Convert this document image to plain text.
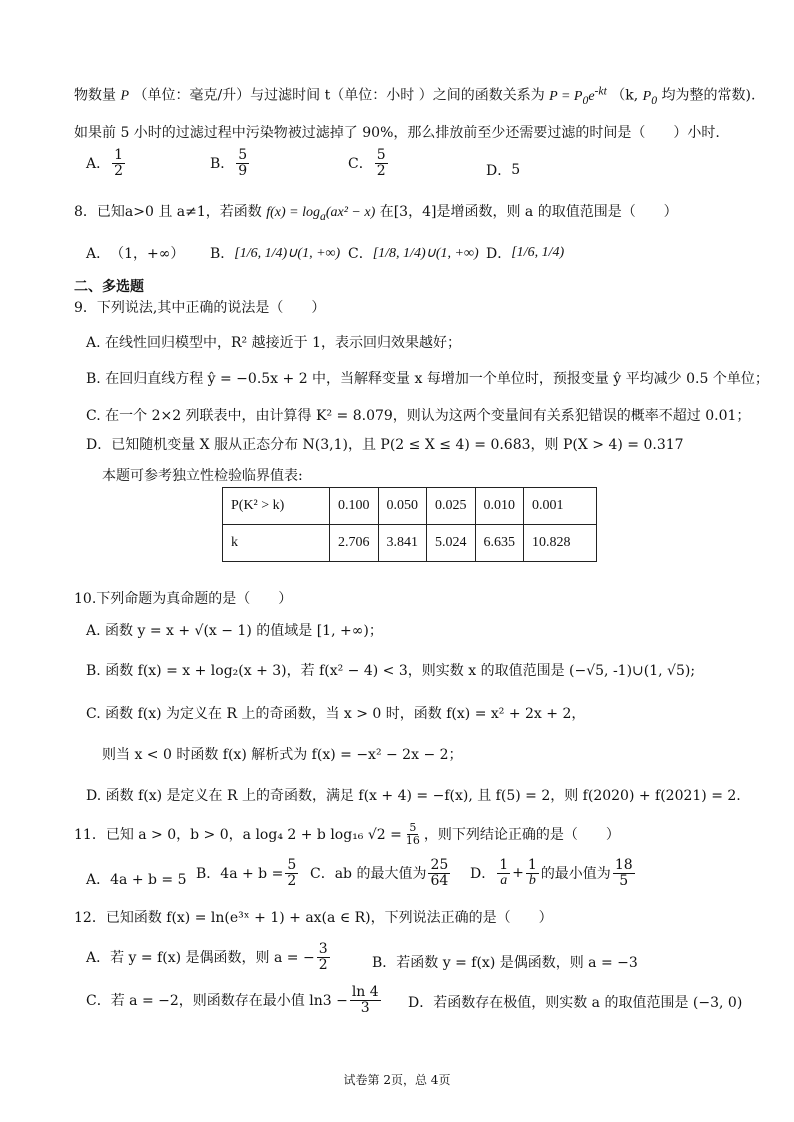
物数量 P （单位：毫克/升）与过滤时间 t（单位：小时 ）之间的函数关系为 $P = P_0e^{-kt}$ （k, $P_0$ 均为整的常数).
如果前 5 小时的过滤过程中污染物被过滤掉了 90%，那么排放前至少还需要过滤的时间是（　　）小时.
A． $\frac{1}{2}$	B． $\frac{5}{9}$	C． $\frac{5}{2}$	D． 5
8．已知a>0 且 a≠1，若函数 $f(x) = \log_a(ax^2 - x)$ 在[3，4]是增函数，则 a 的取值范围是（　　）
A． （1，+∞） B． [1/6, 1/4)∪(1, +∞) C． [1/8, 1/4)∪(1, +∞) D． [1/6, 1/4)
二、多选题
9．下列说法,其中正确的说法是（　　）
A. 在线性回归模型中，R² 越接近于 1，表示回归效果越好；
B. 在回归直线方程 ŷ = −0.5x + 2 中，当解释变量 x 每增加一个单位时，预报变量 ŷ 平均减少 0.5 个单位；
C. 在一个 2×2 列联表中，由计算得 K² = 8.079，则认为这两个变量间有关系犯错误的概率不超过 0.01；
D．已知随机变量 X 服从正态分布 N(3,1)，且 P(2 ≤ X ≤ 4) = 0.683，则 P(X > 4) = 0.317
本题可参考独立性检验临界值表:
P(K² > k)	0.100	0.050	0.025	0.010	0.001
k	2.706	3.841	5.024	6.635	10.828
10.下列命题为真命题的是（　　）
A. 函数 y = x + √(x − 1) 的值域是 [1, +∞)；
B. 函数 f(x) = x + log₂(x + 3)，若 f(x² − 4) < 3，则实数 x 的取值范围是 (−√5, -1)∪(1, √5);
C. 函数 f(x) 为定义在 R 上的奇函数，当 x > 0 时，函数 f(x) = x² + 2x + 2，
则当 x < 0 时函数 f(x) 解析式为 f(x) = −x² − 2x − 2；
D. 函数 f(x) 是定义在 R 上的奇函数，满足 f(x + 4) = −f(x), 且 f(5) = 2，则 f(2020) + f(2021) = 2.
11．已知 a > 0，b > 0，a log₄ 2 + b log₁₆ $√2 = \frac{5}{16}$ ，则下列结论正确的是（　　）
A．4a + b = 5 B．$4a + b = \frac{5}{2}$ C．ab 的最大值为 $\frac{25}{64}$ D． $\frac{1}{a} + \frac{1}{b}$ 的最小值为 $\frac{18}{5}$
12．已知函数 f(x) = ln(e³ˣ + 1) + ax(a ∈ R)，下列说法正确的是（　　）
A．若 y = f(x) 是偶函数，则 a = − $\frac{3}{2}$	B．若函数 y = f(x) 是偶函数，则 a = −3
C．若 a = −2，则函数存在最小值 $\ln 3 - \frac{\ln 4}{3}$ D．若函数存在极值，则实数 a 的取值范围是 (−3, 0)
试卷第 2页，总 4页
